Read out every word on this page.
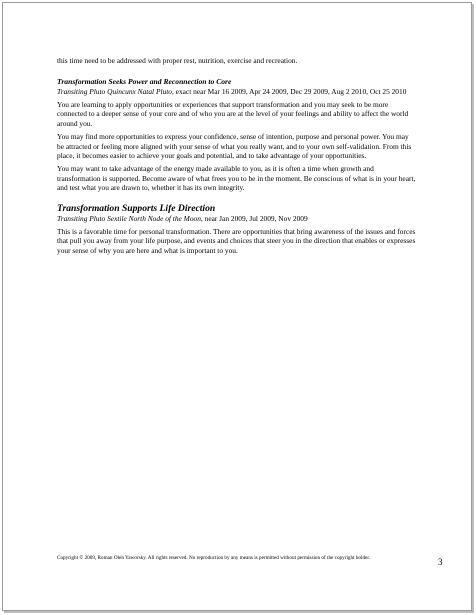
this time need to be addressed with proper rest, nutrition, exercise and recreation.

Transformation Seeks Power and Reconnection to Core
Transiting Pluto Quincunx Natal Pluto, exact near Mar 16 2009, Apr 24 2009, Dec 29 2009, Aug 2 2010, Oct 25 2010

You are learning to apply opportunities or experiences that support transformation and you may seek to be more connected to a deeper sense of your core and of who you are at the level of your feelings and ability to affect the world around you.

You may find more opportunities to express your confidence, sense of intention, purpose and personal power. You may be attracted or feeling more aligned with your sense of what you really want, and to your own self-validation. From this place, it becomes easier to achieve your goals and potential, and to take advantage of your opportunities.

You may want to take advantage of the energy made available to you, as it is often a time when growth and transformation is supported. Become aware of what frees you to be in the moment. Be conscious of what is in your heart, and test what you are drawn to, whether it has its own integrity.

Transformation Supports Life Direction
Transiting Pluto Sextile North Node of the Moon, near Jan 2009, Jul 2009, Nov 2009

This is a favorable time for personal transformation. There are opportunities that bring awareness of the issues and forces that pull you away from your life purpose, and events and choices that steer you in the direction that enables or expresses your sense of why you are here and what is important to you.

Copyright © 2009, Roman Oleh Yaworsky. All rights reserved. No reproduction by any means is permitted without permission of the copyright holder.	3
